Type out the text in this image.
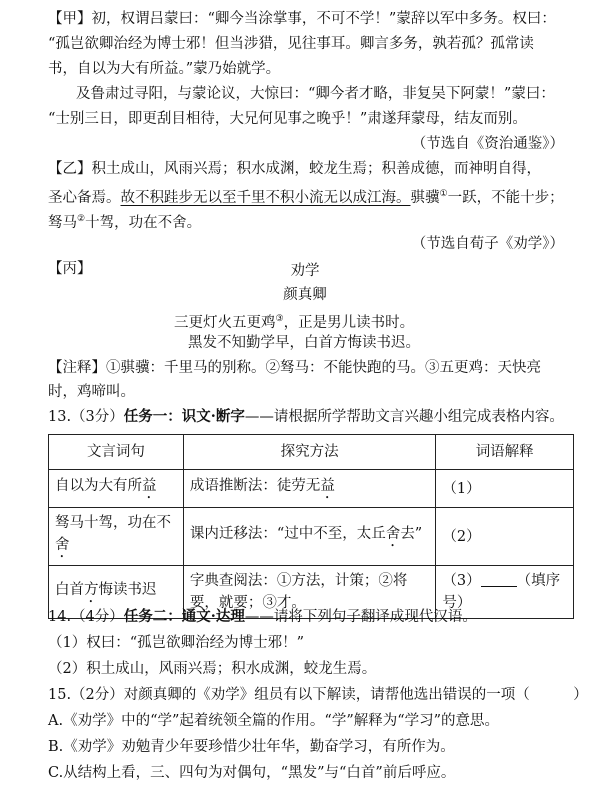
【甲】初，权谓吕蒙曰：“卿今当涂掌事，不可不学！”蒙辞以军中多务。权曰：
“孤岂欲卿治经为博士邪！但当涉猎，见往事耳。卿言多务，孰若孤？孤常读
书，自以为大有所益。”蒙乃始就学。
及鲁肃过寻阳，与蒙论议，大惊曰：“卿今者才略，非复吴下阿蒙！”蒙曰：
“士别三日，即更刮目相待，大兄何见事之晚乎！”肃遂拜蒙母，结友而别。
（节选自《资治通鉴》）
【乙】积土成山，风雨兴焉；积水成渊，蛟龙生焉；积善成德，而神明自得，
圣心备焉。故不积跬步无以至千里不积小流无以成江海。骐骥①一跃，不能十步；
驽马②十驾，功在不舍。
（节选自荀子《劝学》）
【丙】	劝学
颜真卿
三更灯火五更鸡③，正是男儿读书时。
黑发不知勤学早，白首方悔读书迟。
【注释】①骐骥：千里马的别称。②驽马：不能快跑的马。③五更鸡：天快亮
时，鸡啼叫。
13.（3分）任务一：识文·断字——请根据所学帮助文言兴趣小组完成表格内容。
文言词句	探究方法	词语解释
自以为大有所益	成语推断法：徒劳无益	（1）
驽马十驾，功在不舍	课内迁移法：“过中不至，太丘舍去”	（2）
白首方悔读书迟	字典查阅法：①方法，计策；②将
要，就要；③才。	（3） （填序号）
14.（4分）任务二：通文·达理——请将下列句子翻译成现代汉语。
（1）权曰：“孤岂欲卿治经为博士邪！”
（2）积土成山，风雨兴焉；积水成渊，蛟龙生焉。
15.（2分）对颜真卿的《劝学》组员有以下解读，请帮他选出错误的一项（　　　）
A.《劝学》中的“学”起着统领全篇的作用。“学”解释为“学习”的意思。
B.《劝学》劝勉青少年要珍惜少壮年华，勤奋学习，有所作为。
C.从结构上看，三、四句为对偶句，“黑发”与“白首”前后呼应。
